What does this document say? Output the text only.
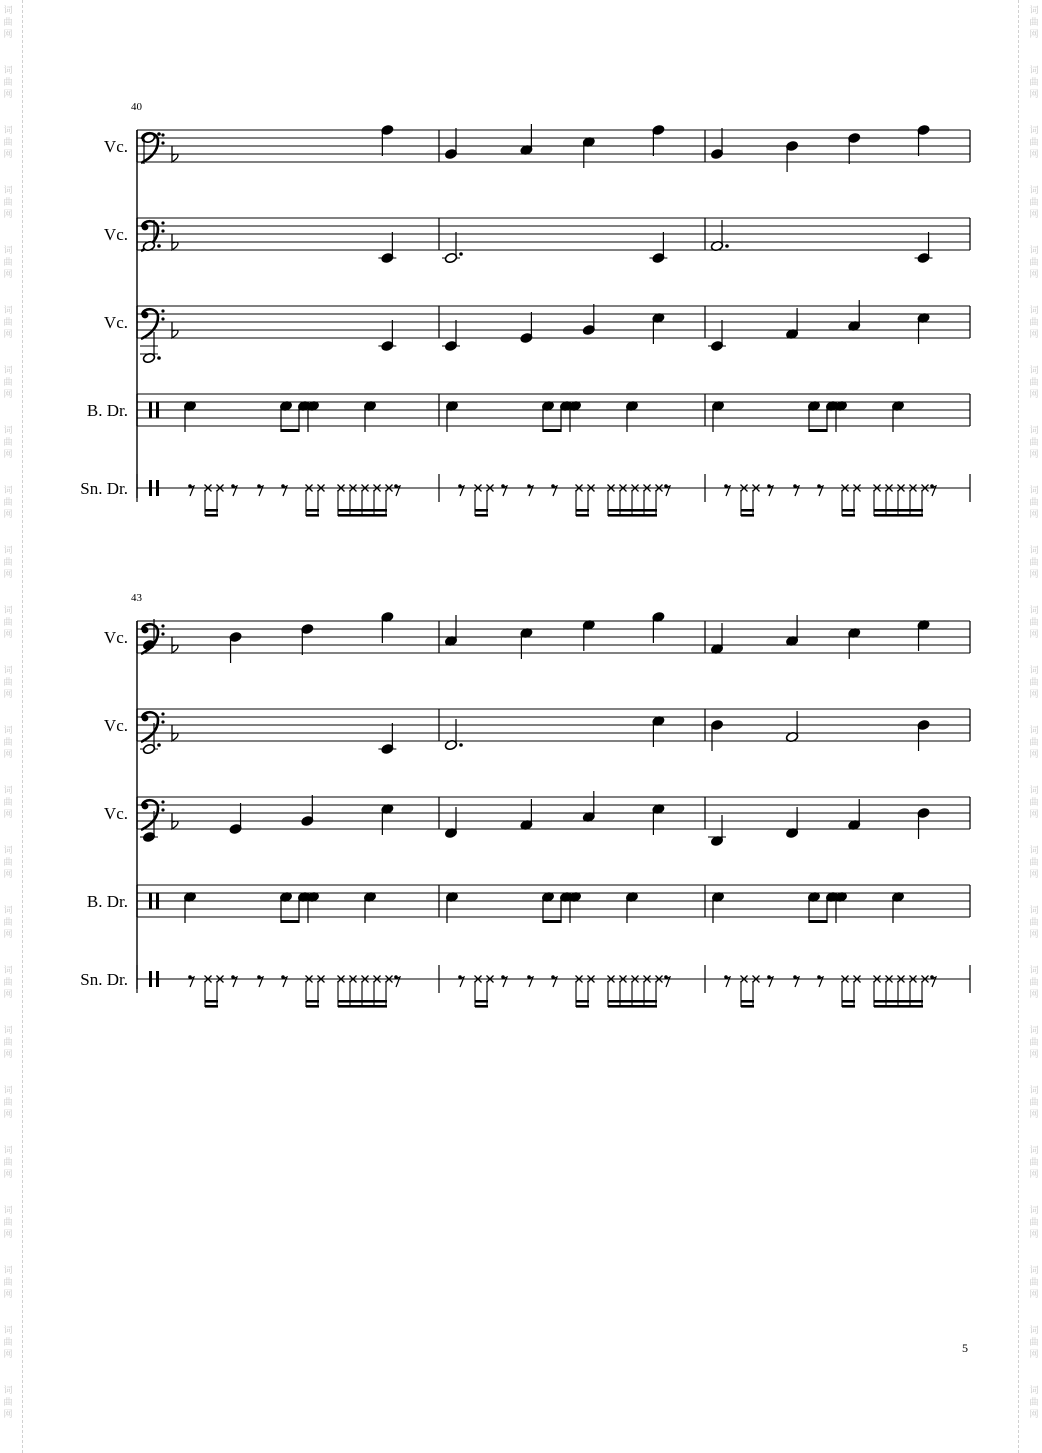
词
曲
网
词
曲
网
词
曲
网
词
曲
网
词
曲
网
词
曲
网
词
曲
网
词
曲
网
词
曲
网
词
曲
网
词
曲
网
词
曲
网
词
曲
网
词
曲
网
词
曲
网
词
曲
网
词
曲
网
词
曲
网
词
曲
网
词
曲
网
词
曲
网
词
曲
网
词
曲
网
词
曲
网
词
曲
网
词
曲
网
词
曲
网
词
曲
网
词
曲
网
词
曲
网
词
曲
网
词
曲
网
词
曲
网
词
曲
网
词
曲
网
词
曲
网
词
曲
网
词
曲
网
词
曲
网
词
曲
网
词
曲
网
词
曲
网
词
曲
网
词
曲
网
词
曲
网
词
曲
网
词
曲
网
词
曲
网
40
Vc.
Vc.
Vc.
B. Dr.
Sn. Dr.
43
Vc.
Vc.
Vc.
B. Dr.
Sn. Dr.
5
